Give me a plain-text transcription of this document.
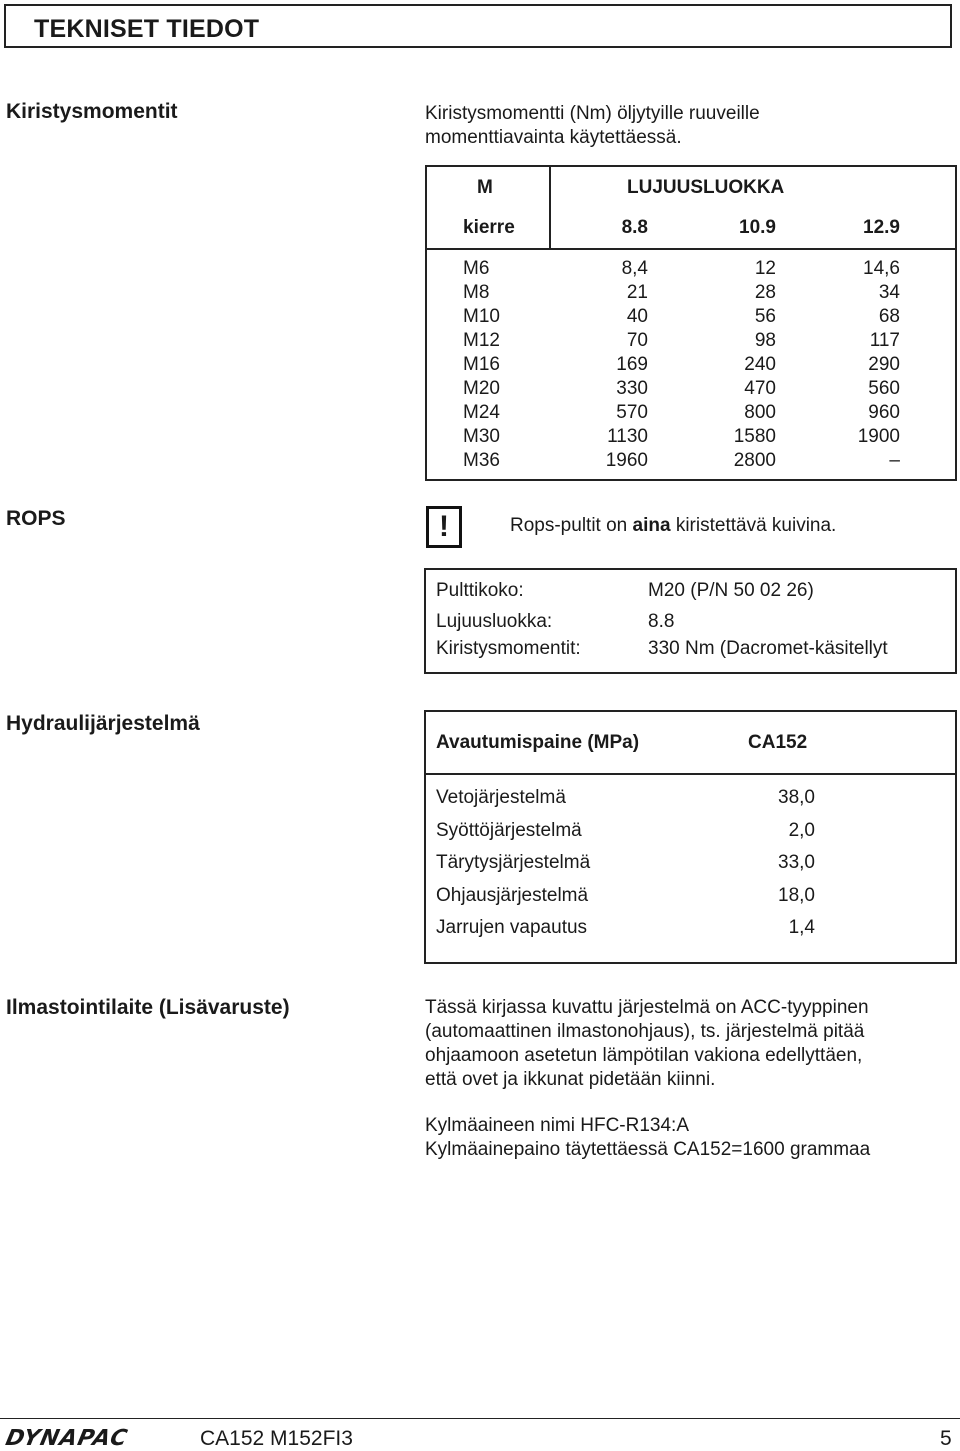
TEKNISET TIEDOT
Kiristysmomentit	Kiristysmomentti (Nm) öljytyille ruuveille
momenttiavainta käytettäessä.
M	LUJUUSLUOKKA
kierre	8.8	10.9	12.9
M6	8,4	12	14,6
M8	21	28	34
M10	40	56	68
M12	70	98	117
M16	169	240	290
M20	330	470	560
M24	570	800	960
M30	1130	1580	1900
M36	1960	2800	–
ROPS	!	Rops-pultit on aina kiristettävä kuivina.
Pulttikoko:	M20 (P/N 50 02 26)
Lujuusluokka:	8.8
Kiristysmomentit:	330 Nm (Dacromet-käsitellyt
Hydraulijärjestelmä
Avautumispaine (MPa)	CA152
Vetojärjestelmä	38,0
Syöttöjärjestelmä	2,0
Tärytysjärjestelmä	33,0
Ohjausjärjestelmä	18,0
Jarrujen vapautus	1,4
Ilmastointilaite (Lisävaruste)	Tässä kirjassa kuvattu järjestelmä on ACC-tyyppinen
(automaattinen ilmastonohjaus), ts. järjestelmä pitää
ohjaamoon asetetun lämpötilan vakiona edellyttäen,
että ovet ja ikkunat pidetään kiinni.
Kylmäaineen nimi HFC-R134:A
Kylmäainepaino täytettäessä CA152=1600 grammaa
DYNAPAC	CA152 M152FI3	5
